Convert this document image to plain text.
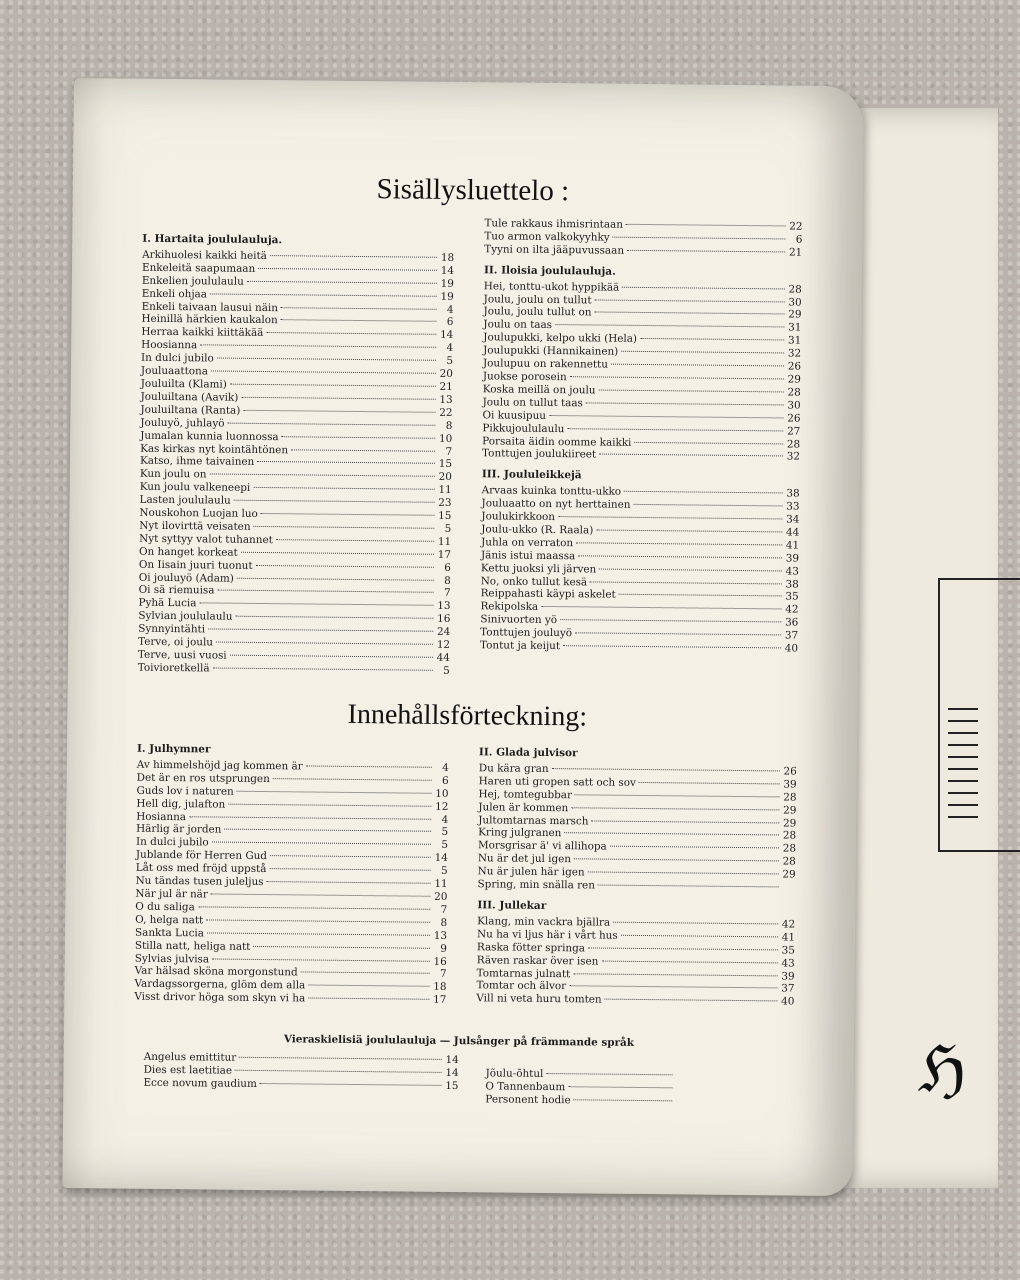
ℌ
Sisällysluettelo :
I. Hartaita joululauluja.
Arkihuolesi kaikki heitä	18
Enkeleitä saapumaan	14
Enkelien joululaulu	19
Enkeli ohjaa	19
Enkeli taivaan lausui näin	4
Heinillä härkien kaukalon	6
Herraa kaikki kiittäkää	14
Hoosianna	4
In dulci jubilo	5
Jouluaattona	20
Jouluilta (Klami)	21
Jouluiltana (Aavik)	13
Jouluiltana (Ranta)	22
Jouluyö, juhlayö	8
Jumalan kunnia luonnossa	10
Kas kirkas nyt kointähtönen	7
Katso, ihme taivainen	15
Kun joulu on	20
Kun joulu valkeneepi	11
Lasten joululaulu	23
Nouskohon Luojan luo	15
Nyt ilovirttä veisaten	5
Nyt syttyy valot tuhannet	11
On hanget korkeat	17
On Iisain juuri tuonut	6
Oi jouluyö (Adam)	8
Oi sä riemuisa	7
Pyhä Lucia	13
Sylvian joululaulu	16
Synnyintähti	24
Terve, oi joulu	12
Terve, uusi vuosi	44
Toivioretkellä	5
Tule rakkaus ihmisrintaan	22
Tuo armon valkokyyhky	6
Tyyni on ilta jääpuvussaan	21
II. Iloisia joululauluja.
Hei, tonttu-ukot hyppikää	28
Joulu, joulu on tullut	30
Joulu, joulu tullut on	29
Joulu on taas	31
Joulupukki, kelpo ukki (Hela)	31
Joulupukki (Hannikainen)	32
Joulupuu on rakennettu	26
Juokse porosein	29
Koska meillä on joulu	28
Joulu on tullut taas	30
Oi kuusipuu	26
Pikkujoululaulu	27
Porsaita äidin oomme kaikki	28
Tonttujen joulukiireet	32
III. Joululeikkejä
Arvaas kuinka tonttu-ukko	38
Jouluaatto on nyt herttainen	33
Joulukirkkoon	34
Joulu-ukko (R. Raala)	44
Juhla on verraton	41
Jänis istui maassa	39
Kettu juoksi yli järven	43
No, onko tullut kesä	38
Reippahasti käypi askelet	35
Rekipolska	42
Sinivuorten yö	36
Tonttujen jouluyö	37
Tontut ja keijut	40
Innehållsförteckning:
I. Julhymner
Av himmelshöjd jag kommen är	4
Det är en ros utsprungen	6
Guds lov i naturen	10
Hell dig, julafton	12
Hosianna	4
Härlig är jorden	5
In dulci jubilo	5
Jublande för Herren Gud	14
Låt oss med fröjd uppstå	5
Nu tändas tusen juleljus	11
När jul är när	20
O du saliga	7
O, helga natt	8
Sankta Lucia	13
Stilla natt, heliga natt	9
Sylvias julvisa	16
Var hälsad sköna morgonstund	7
Vardagssorgerna, glöm dem alla	18
Visst drivor höga som skyn vi ha	17
II. Glada julvisor
Du kära gran	26
Haren uti gropen satt och sov	39
Hej, tomtegubbar	28
Julen är kommen	29
Jultomtarnas marsch	29
Kring julgranen	28
Morsgrisar ä' vi allihopa	28
Nu är det jul igen	28
Nu är julen här igen	29
Spring, min snälla ren
III. Jullekar
Klang, min vackra bjällra	42
Nu ha vi ljus här i vårt hus	41
Raska fötter springa	35
Räven raskar över isen	43
Tomtarnas julnatt	39
Tomtar och älvor	37
Vill ni veta huru tomten	40
Vieraskielisiä joululauluja — Julsånger på främmande språk
Angelus emittitur	14
Dies est laetitiae	14
Ecce novum gaudium	15
Jõulu-õhtul
O Tannenbaum
Personent hodie
